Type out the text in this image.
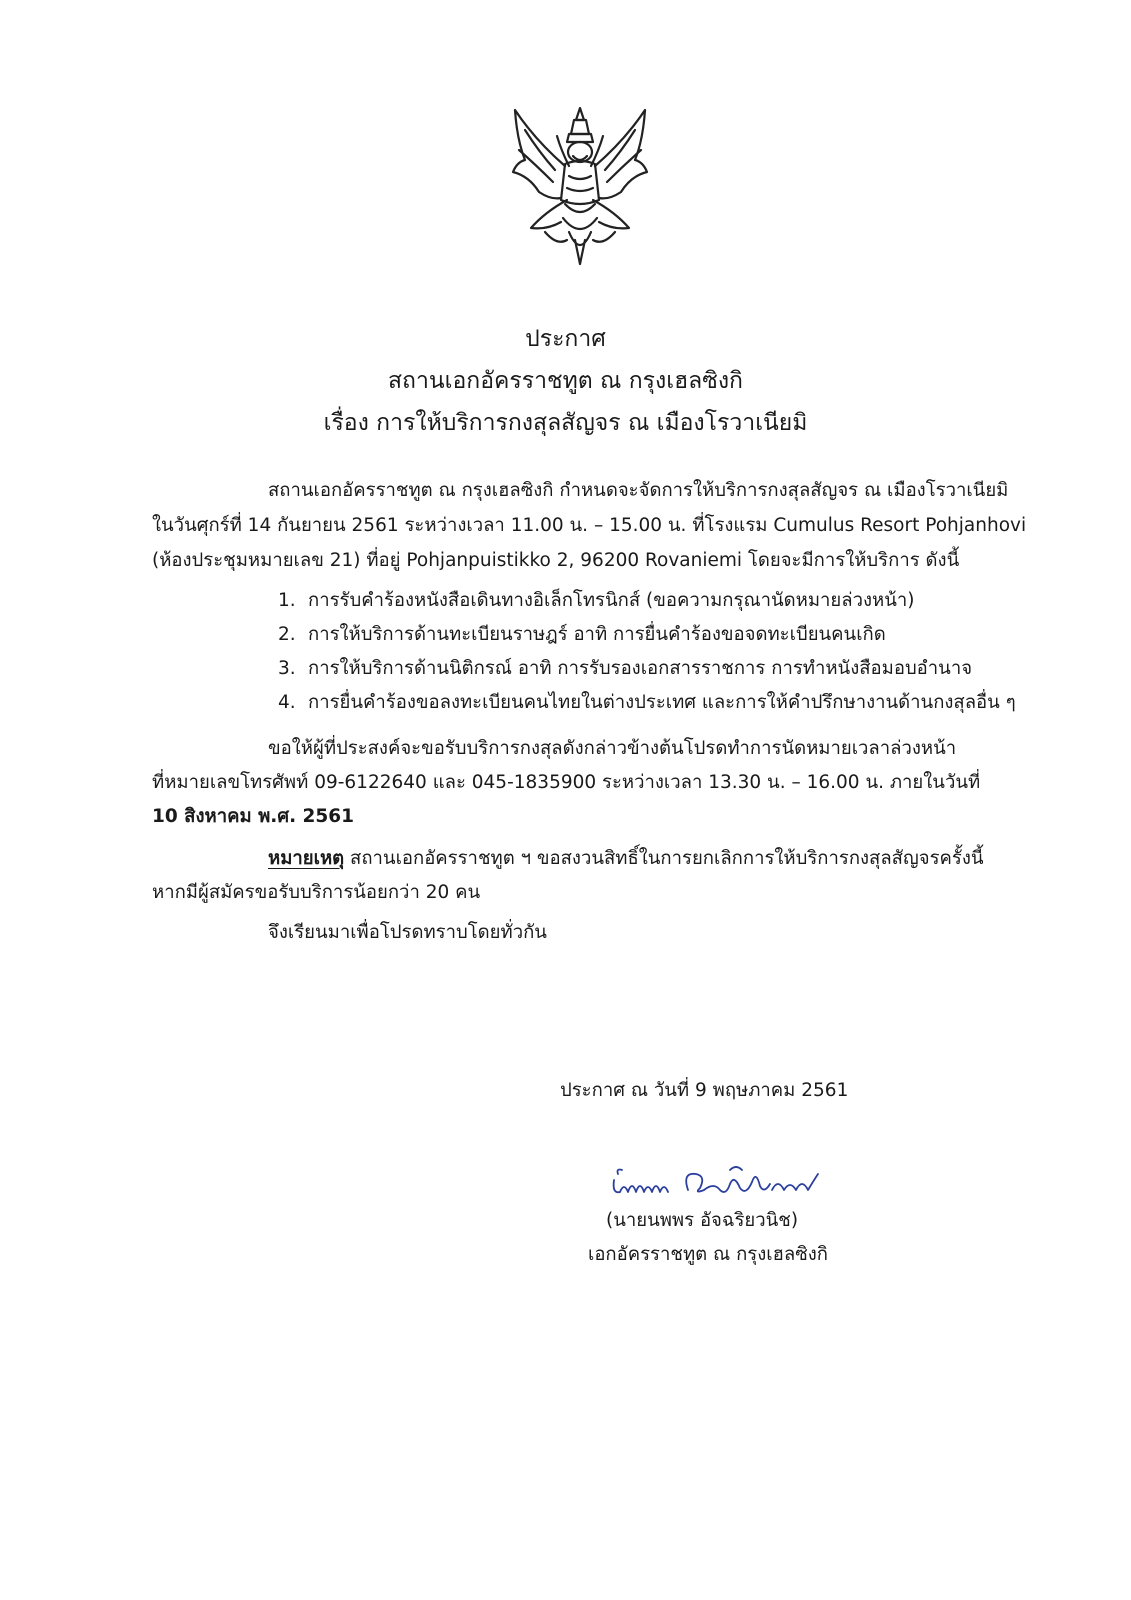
ประกาศ
สถานเอกอัครราชทูต ณ กรุงเฮลซิงกิ
เรื่อง การให้บริการกงสุลสัญจร ณ เมืองโรวาเนียมิ
สถานเอกอัครราชทูต ณ กรุงเฮลซิงกิ กำหนดจะจัดการให้บริการกงสุลสัญจร ณ เมืองโรวาเนียมิ
ในวันศุกร์ที่ 14 กันยายน 2561 ระหว่างเวลา 11.00 น. – 15.00 น. ที่โรงแรม Cumulus Resort Pohjanhovi
(ห้องประชุมหมายเลข 21) ที่อยู่ Pohjanpuistikko 2, 96200 Rovaniemi โดยจะมีการให้บริการ ดังนี้
1. การรับคำร้องหนังสือเดินทางอิเล็กโทรนิกส์ (ขอความกรุณานัดหมายล่วงหน้า)
2. การให้บริการด้านทะเบียนราษฎร์ อาทิ การยื่นคำร้องขอจดทะเบียนคนเกิด
3. การให้บริการด้านนิติกรณ์ อาทิ การรับรองเอกสารราชการ การทำหนังสือมอบอำนาจ
4. การยื่นคำร้องขอลงทะเบียนคนไทยในต่างประเทศ และการให้คำปรึกษางานด้านกงสุลอื่น ๆ
ขอให้ผู้ที่ประสงค์จะขอรับบริการกงสุลดังกล่าวข้างต้นโปรดทำการนัดหมายเวลาล่วงหน้า
ที่หมายเลขโทรศัพท์ 09-6122640 และ 045-1835900 ระหว่างเวลา 13.30 น. – 16.00 น. ภายในวันที่
10 สิงหาคม พ.ศ. 2561
หมายเหตุ สถานเอกอัครราชทูต ฯ ขอสงวนสิทธิ์ในการยกเลิกการให้บริการกงสุลสัญจรครั้งนี้
หากมีผู้สมัครขอรับบริการน้อยกว่า 20 คน
จึงเรียนมาเพื่อโปรดทราบโดยทั่วกัน
ประกาศ ณ วันที่ 9 พฤษภาคม 2561
(นายนพพร อัจฉริยวนิช)
เอกอัครราชทูต ณ กรุงเฮลซิงกิ
